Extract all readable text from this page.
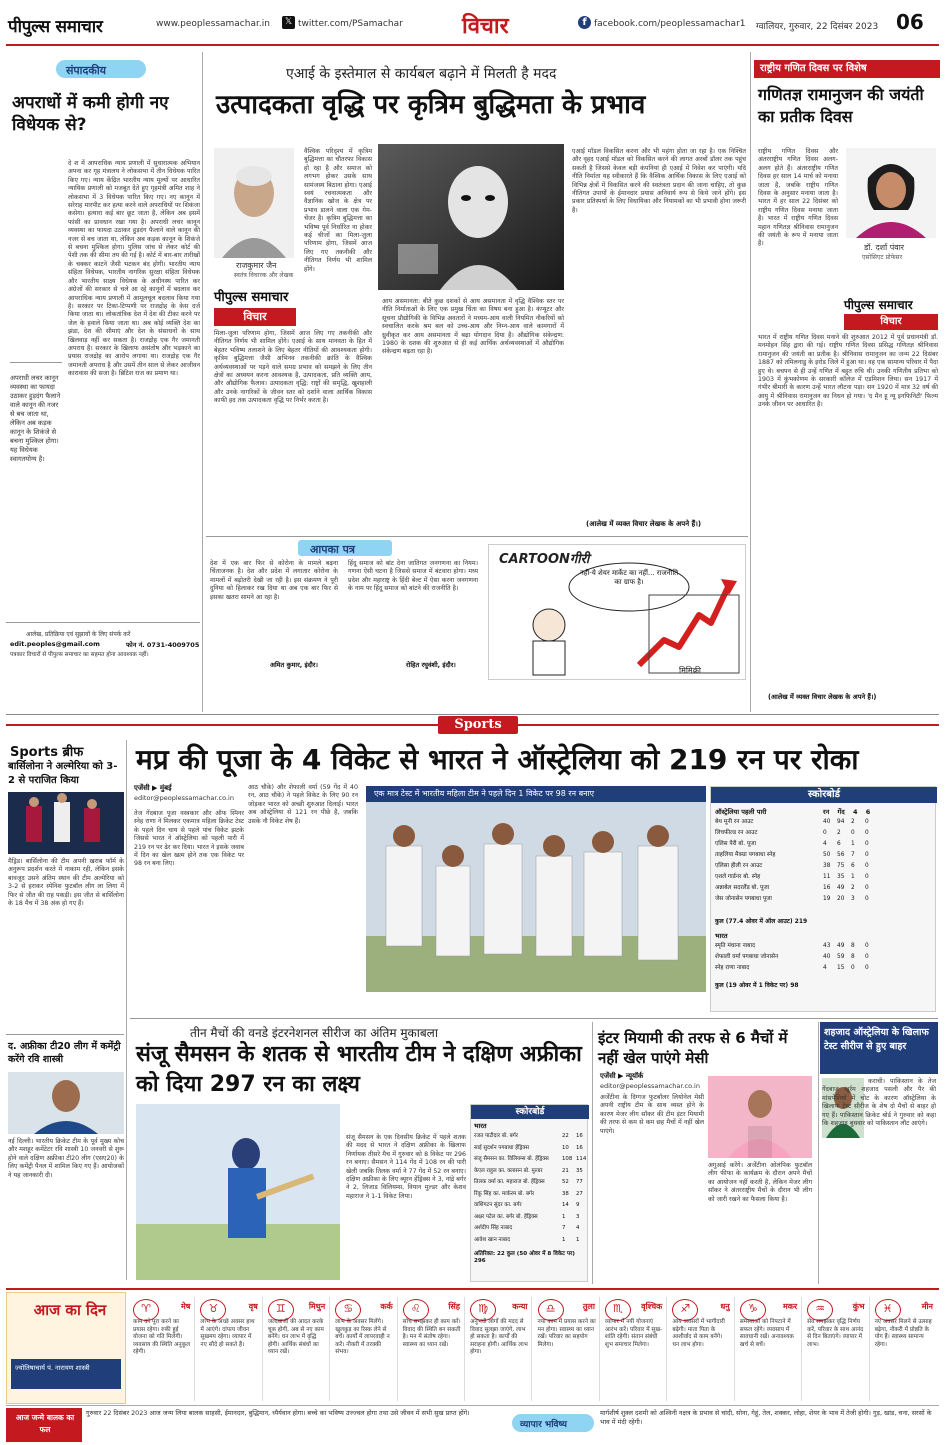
पीपुल्स समाचार	www.peoplessamachar.in	𝕏 twitter.com/PSamachar	विचार	f facebook.com/peoplessamachar1 ग्वालियर, गुरुवार, 22 दिसंबर 2023 06
संपादकीय
अपराधों में कमी होगी नए विधेयक से?
दे श में आपराधिक न्याय प्रणाली में सुधारात्मक अभियान अपना कर गृह मंत्रालय ने लोकसभा में तीन विधेयक पारित किए गए। न्याय केंद्रित भारतीय न्याय मूल्यों पर आधारित न्यायिक प्रणाली को मजबूत देते हुए गृहमंत्री अमित शाह ने लोकसभा में 3 विधेयक पारित किए गए। नए कानून में सरेराह मारपीट कर हत्या करने वाले अपराधियों पर शिकंजा कसेगा। हत्यारा कई बार छूट जाता है, लेकिन अब इसमें फांसी का प्रावधान रखा गया है। अपराधी लचर कानून व्यवस्था का फायदा उठाकर हुड़दंग फैलाने वाले कानून की नजर से बच जाता था, लेकिन अब कड़क कानून के शिकंजे से बचना मुश्किल होगा। पुलिस जांच से लेकर कोर्ट की पेशी तक की सीमा तय की गई है। कोर्ट में बार-बार तारीखों के चक्कर काटने जैसी भटकन बंद होगी। भारतीय न्याय संहिता विधेयक, भारतीय नागरिक सुरक्षा संहिता विधेयक और भारतीय साक्ष्य विधेयक के अधीनस्थ पारित कर अंग्रेजों की सरकार से चले आ रहे कानूनों में बदलाव कर आपराधिक न्याय प्रणाली में आमूलचूल बदलाव किया गया है। सरकार पर टिका-टिप्पणी पर राजद्रोह के केस दर्ज किया जाता था। लोकतांत्रिक देश में देश की टीका करने पर जेल के हवाले किया जाता था। अब कोई व्यक्ति देश का झंडा, देश की सीमाएं और देश के संसाधनों के साथ खिलवाड़ नहीं कर सकता है। राजद्रोह एक गैर जमानती अपराध है। सरकार के खिलाफ असंतोष और भड़काने का प्रयास राजद्रोह का आरोप लगाया था। राजद्रोह एक गैर जमानती अपराध है और उसमें तीन साल से लेकर आजीवन कारावास की सजा है। ब्रिटिश राज का प्रमाण था।
अपराधी लचर कानून व्यवस्था का फायदा उठाकर हुड़दंग फैलाने वाले कानून की नजर से बच जाता था, लेकिन अब कड़क कानून के शिकंजे से बचना मुश्किल होगा। यह विधेयक स्वागतयोग्य है।
आलेख, प्रतिक्रिया एवं सुझावों के लिए संपर्क करें
edit.peoples@gmail.com	फोन नं. 0731-4009705
पत्रकार विचारों से पीपुल्स समाचार का सहमत होना आवश्यक नहीं।
एआई के इस्तेमाल से कार्यबल बढ़ाने में मिलती है मदद
उत्पादकता वृद्धि पर कृत्रिम बुद्धिमता के प्रभाव
राजकुमार जैन
स्वतंत्र विचारक और लेखक
पीपुल्स समाचार
विचार
वैश्विक परिदृश्य में कृत्रिम बुद्धिमत्ता का चौतरफा विकास हो रहा है और समाज को लगभग होकर उसके साथ सामंजस्य बिठाना होगा। एआई स्वयं रचनात्मकता और वैज्ञानिक खोज के क्षेत्र पर प्रभाव डालने वाला एक गेम-चेंजर है। कृत्रिम बुद्धिमत्ता का भविष्य पूर्व निर्धारित ना होकर कई चीजों का मिला-जुला परिणाम होगा, जिसमें आज लिए गए तकनीकी और नीतिगत निर्णय भी शामिल होंगे।
मिला-जुला परिणाम होगा, जिसमें आज लिए गए तकनीकी और नीतिगत निर्णय भी शामिल होंगे। एआई के साथ मानवता के हित में बेहतर भविष्य तलाशने के लिए बेहतर नीतियों की आवश्यकता होगी। कृत्रिम बुद्धिमत्ता जैसी अभिनव तकनीकी क्रांति के वैश्विक अर्थव्यवस्थाओं पर पड़ने वाले समग्र प्रभाव को समझने के लिए तीन क्षेत्रों का अध्ययन करना आवश्यक है, उत्पादकता, प्रति व्यक्ति आय, और औद्योगिक फैलाव। उत्पादकता वृद्धि: राष्ट्रों की समृद्धि, खुशहाली और उनके नागरिकों के जीवन स्तर को दर्शाने वाला आर्थिक विकास काफी हद तक उत्पादकता वृद्धि पर निर्भर करता है।
आय असमानता: बीते कुछ दशकों से आय असमानता में वृद्धि वैश्विक स्तर पर नीति निर्माताओं के लिए एक प्रमुख चिंता का विषय बना हुआ है। कंप्यूटर और सूचना प्रौद्योगिकी के विभिन्न अवतारों ने मध्यम-आय वाली नियमित नौकरियों को स्वचालित करके श्रम बल को उच्च-आय और निम्न-आय वाले कामगारों में ध्रुवीकृत कर आय असमानता में बढ़ा योगदान दिया है। औद्योगिक संकेन्द्रण: 1980 के दशक की शुरुआत से ही कई आर्थिक अर्थव्यवस्थाओं में औद्योगिक संकेन्द्रण बढ़ता रहा है।
एआई मॉडल विकसित करना और भी महंगा होता जा रहा है। एक निश्चित और वृहद एआई मॉडल को विकसित करने की लागत अरबों डॉलर तक पहुंच सकती है जिससे केवल बड़ी कंपनियां ही एआई में निवेश कर पाएंगी। यदि नीति निर्माता यह स्वीकारते हैं कि वैश्विक आर्थिक विकास के लिए एआई को विभिन्न क्षेत्रों में विकसित करने की स्वतंत्रता प्रदान की जाना चाहिए, तो कुछ नीतिगत उपायों के ईमानदार प्रयास अनिवार्य रूप से किये जाने होंगे। इस प्रकार प्रतिस्पर्धा के लिए विधायिका और नियामकों का भी प्रभावी होना जरूरी है।
(आलेख में व्यक्त विचार लेखक के अपने हैं।)
आपका पत्र
देश में एक बार फिर से कोरोना के मामले बढ़ना चिंताजनक है। देश और प्रदेश में लगातार कोरोना के मामलों में बढ़ोतरी देखी जा रही है। इस संक्रमण ने पूरी दुनिया को हिलाकर रख दिया था अब एक बार फिर से इसका खतरा सामने आ रहा है।
अमित कुमार, इंदौर।
हिंदू समाज को बांट देना जातिगत जनगणना का नियम। गणना ऐसी घटना है जिससे समाज में बंटवारा होगा। मध्य प्रदेश और महाराष्ट्र के हिंदी बेल्ट में ऐसा करना जनगणना के नाम पर हिंदू समाज को बांटने की राजनीति है।
रोहित रघुवंशी, इंदौर।
CARTOONगीरी
नहीं-ये शेयर मार्केट का नहीं... राजनीति का ग्राफ है।
मिमिक्री
राष्ट्रीय गणित दिवस पर विशेष
गणितज्ञ रामानुजन की जयंती का प्रतीक दिवस
राष्ट्रीय गणित दिवस और अंतरराष्ट्रीय गणित दिवस अलग-अलग होते हैं। अंतरराष्ट्रीय गणित दिवस हर साल 14 मार्च को मनाया जाता है, जबकि राष्ट्रीय गणित दिवस के अनुसार मनाया जाता है। भारत में हर साल 22 दिसंबर को राष्ट्रीय गणित दिवस मनाया जाता है। भारत में राष्ट्रीय गणित दिवस महान गणितज्ञ श्रीनिवास रामानुजन की जयंती के रूप में मनाया जाता है।	डॉ. दर्शा पंवार
एसोसिएट प्रोफेसर
पीपुल्स समाचार
विचार
भारत में राष्ट्रीय गणित दिवस मनाने की शुरुआत 2012 में पूर्व प्रधानमंत्री डॉ. मनमोहन सिंह द्वारा की गई। राष्ट्रीय गणित दिवस प्रसिद्ध गणितज्ञ श्रीनिवास रामानुजन की जयंती का प्रतीक है। श्रीनिवास रामानुजन का जन्म 22 दिसंबर 1887 को तमिलनाडु के इरोड जिले में हुआ था। वह एक सामान्य परिवार में पैदा हुए थे। बचपन से ही उन्हें गणित में बहुत रुचि थी। उनकी गणितीय प्रतिभा को 1903 में कुंभकोणम के सरकारी कॉलेज में एडमिशन लिया। सन 1917 में गंभीर बीमारी के कारण उन्हें भारत लौटना पड़ा। सन 1920 में मात्र 32 वर्ष की आयु में श्रीनिवास रामानुजन का निधन हो गया। 'द मैन हू न्यू इनफिनिटी' फिल्म उनके जीवन पर आधारित है।
(आलेख में व्यक्त विचार लेखक के अपने हैं।)
Sports
Sports ब्रीफ
बार्सिलोना ने अल्मेरिया को 3-2 से पराजित किया
मैड्रिड। बार्सिलोना की टीम अपनी खराब फॉर्म के अनुरूप प्रदर्शन करते में नाकाम रही, लेकिन इसके बावजूद उसने अंतिम स्थान की टीम अल्मेरिया को 3-2 से हराकर स्पेनिश फुटबॉल लीग ला लिगा में फिर से जीत की राह पकड़ी। इस जीत से बार्सिलोना के 18 मैच में 38 अंक हो गए हैं।
द. अफ्रीका टी20 लीग में कमेंट्री करेंगे रवि शास्त्री
नई दिल्ली। भारतीय क्रिकेट टीम के पूर्व मुख्य कोच और मशहूर कमेंटेटर रवि शास्त्री 10 जनवरी से शुरू होने वाले दक्षिण अफ्रीका टी20 लीग (एसए20) के लिए कमेंट्री पैनल में शामिल किए गए हैं। आयोजकों ने यह जानकारी दी।
मप्र की पूजा के 4 विकेट से भारत ने ऑस्ट्रेलिया को 219 रन पर रोका
एजेंसी ▶ मुंबई
editor@peoplessamachar.co.in
तेज गेंदबाज पूजा वस्त्रकार और ऑफ स्पिनर स्नेह राणा ने मिलकर एकमात्र महिला क्रिकेट टेस्ट के पहले दिन चाय से पहले पांच विकेट झटके जिससे भारत ने ऑस्ट्रेलिया को पहली पारी में 219 रन पर ढेर कर दिया। भारत ने इसके जवाब में दिन का खेल खत्म होने तक एक विकेट पर 98 रन बना लिए।
आठ चौके) और शेफाली वर्मा (59 गेंद में 40 रन, आठ चौके) ने पहले विकेट के लिए 90 रन जोड़कर भारत को अच्छी शुरुआत दिलाई। भारत अब ऑस्ट्रेलिया से 121 रन पीछे है, जबकि उसके नौ विकेट शेष हैं।
एक मात्र टेस्ट में भारतीय महिला टीम ने पहले दिन 1 विकेट पर 98 रन बनाए	स्कोरबोर्ड
ऑस्ट्रेलिया पहली पारी	रन गेंद 4 6
बेथ मूनी रन आउट	40 94 2 0
लिचफील्ड रन आउट	0 2 0 0
एलिस पैरी बो. पूजा	4 6 1 0
ताहलिया मैक्ग्रा पगबाधा स्नेह	50 56 7 0
एलिसा हीली रन आउट	38 75 6 0
एशले गार्डनर बो. स्नेह	11 35 1 0
अन्नाबेल सदरलैंड बो. पूजा	16 49 2 0
जेस जोनासेन पगबाधा पूजा	19 20 3 0
कुल (77.4 ओवर में ऑल आउट) 219
भारत
स्मृति मंधाना नाबाद	43 49 8 0
शेफाली वर्मा पगबाधा जोनासेन	40 59 8 0
स्नेह राणा नाबाद	4 15 0 0
कुल (19 ओवर में 1 विकेट पर) 98
तीन मैचों की वनडे इंटरनेशनल सीरीज का अंतिम मुकाबला
संजू सैमसन के शतक से भारतीय टीम ने दक्षिण अफ्रीका को दिया 297 रन का लक्ष्य
संजू सैमसन के एक दिवसीय क्रिकेट में पहले शतक की मदद से भारत ने दक्षिण अफ्रीका के खिलाफ निर्णायक तीसरे मैच में गुरुवार को 8 विकेट पर 296 रन बनाए। सैमसन ने 114 गेंद में 108 रन की पारी खेली जबकि तिलक वर्मा ने 77 गेंद में 52 रन बनाए। दक्षिण अफ्रीका के लिए ब्यूरन हेंड्रिक्स ने 3, नांद्रे बर्गर ने 2, लिजाड विलियम्स, वियान मुल्डर और केशव महाराज ने 1-1 विकेट लिया।
स्कोरबोर्ड
भारत
रजत पाटीदार बो. बर्गर	22 16
साई सुदर्शन पगबाधा हेंड्रिक्स	10 16
संजू सैमसन का. विलियम्स बो. हेंड्रिक्स	108 114
केएल राहुल का. क्लासन बो. मुल्डर	21 35
तिलक वर्मा का. महाराज बो. हेंड्रिक्स	52 77
रिंकू सिंह का. मार्करम बो. बर्गर	38 27
वाशिंगटन सुंदर का. बर्गर	14 9
अक्षर पटेल का. बर्गर बो. हेंड्रिक्स	1 3
अर्शदीप सिंह नाबाद	7 4
आवेश खान नाबाद	1 1
अतिरिक्त: 22 कुल (50 ओवर में 8 विकेट पर) 296
इंटर मियामी की तरफ से 6 मैचों में नहीं खेल पाएंगे मेसी
एजेंसी ▶ न्यूयॉर्क
editor@peoplessamachar.co.in
अर्जेंटीना के दिग्गज फुटबॉलर लियोनेल मेसी अपनी राष्ट्रीय टीम के साथ व्यस्त होने के कारण मेजर लीग सॉकर की टीम इंटर मियामी की तरफ से कम से कम छह मैचों में नहीं खेल पाएंगे।
अगुआई करेंगे। अर्जेंटीना ओलंपिक फुटबॉल लीग फीफा के कार्यक्रम के दौरान अपने मैचों का आयोजन नहीं करती है, लेकिन मेजर लीग सॉकर ने अंतरराष्ट्रीय मैचों के दौरान भी लीग को जारी रखने का फैसला किया है।
शहजाद ऑस्ट्रेलिया के खिलाफ टेस्ट सीरीज से हुए बाहर
कराची। पाकिस्तान के तेज गेंदबाज खुर्रम शहजाद पसली और पैर की मांसपेशियों में चोट के कारण ऑस्ट्रेलिया के खिलाफ टेस्ट सीरीज के शेष दो मैचों से बाहर हो गए हैं। पाकिस्तान क्रिकेट बोर्ड ने गुरुवार को कहा कि शहजाद बुधवार को पाकिस्तान लौट आएंगे।
आज का दिन
ज्योतिषाचार्य पं. नारायण शास्त्री
♈	मेष
काम को पूरा करने का प्रयास रहेगा। रुकी हुई योजना को गति मिलेगी। व्यवसाय की स्थिति अनुकूल रहेगी।
♉	वृष
लाभ के अच्छे अवसर हाथ में आएंगे। दांपत्य जीवन सुखमय रहेगा। व्यापार में नए सौदे हो सकते हैं।
♊	मिथुन
जल्दबाजी की आदत करके चूक होगी, अब से नए काम बनेंगे। धन लाभ में वृद्धि होगी। आर्थिक संबंधों का ध्यान रखें।
♋	कर्क
लाभ के अवसर मिलेंगे। खुलकुड़ का रिस्क लेने से बचें। कार्यों में लापरवाही न करें। नौकरी में तरक्की संभव।
♌	सिंह
सोच समझकर ही काम करें। विवाद की स्थिति बन सकती है। मन में संतोष रहेगा। स्वास्थ्य का ध्यान रखें।
♍	कन्या
अनुभवी लोगों की मदद से विवाद सुलझा जाएंगे, लाभ हो सकता है। कार्यों की सराहना होगी। आर्थिक लाभ होगा।
♎	तुला
नया काम में प्रयास करने का मन होगा। स्वास्थ्य का ध्यान रखें। परिवार का सहयोग मिलेगा।
♏	वृश्चिक
व्यापार में नयी योजनाएं आरंभ करें। परिवार में सुख-शांति रहेगी। संतान संबंधी शुभ समाचार मिलेगा।
♐	धनु
आय अवसरों में भागीदारी बढ़ेगी। माता पिता के आशीर्वाद से काम बनेंगे। धन लाभ होगा।
♑	मकर
समस्याओं को निपटाने में सफल रहेंगे। व्यवसाय में सावधानी रखें। अनावश्यक खर्च से बचें।
♒	कुंभ
सेव समझकर वृद्धि निर्णय करें, परिवार के साथ आनंद से दिन बिताएंगे। व्यापार में लाभ।
♓	मीन
नए अवसर मिलने से उत्साह बढ़ेगा, नौकरी में प्रोन्नति के योग हैं। स्वास्थ्य सामान्य रहेगा।
आज जन्मे बालक का फल
गुरुवार 22 दिसंबर 2023 आज जन्म लिया बालक साहसी, ईमानदार, बुद्धिमान, ध्यैर्यवान होगा। बच्चे का भविष्य उज्ज्वल होगा तथा उसे जीवन में सभी सुख प्राप्त होंगे।
व्यापार भविष्य
मार्गशीर्ष शुक्ल दशमी को अश्विनी नक्षत्र के प्रभाव से चांदी, सोना, गेहूं, तेल, शक्कर, लोहा, शेयर के भाव में तेजी होगी। गुड़, खांड, चना, सरसों के भाव में मंदी रहेगी।
